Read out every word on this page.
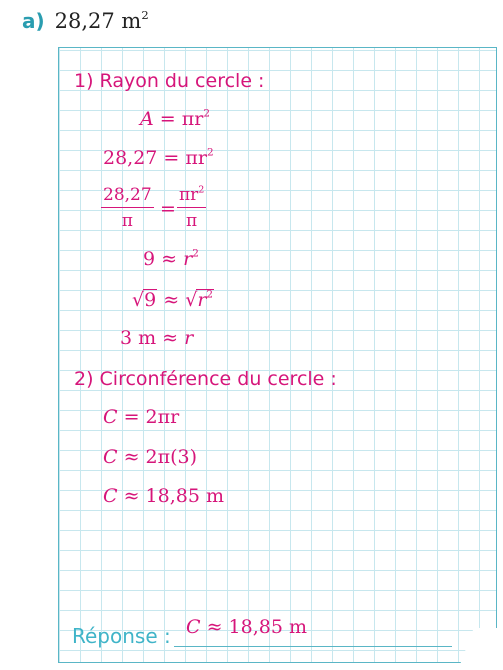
a) 28,27 $m^2$
1) Rayon du cercle :
$A = \pi r^2$
$28,27 = \pi r^2$
$\frac{28,27}{\pi} = \frac{\pi r^2}{\pi}$
$9 \approx r^2$
$√9 \approx √r^2$
3 m ≈ r
2) Circonférence du cercle :
C = 2πr
C ≈ 2π(3)
C ≈ 18,85 m
Réponse : C ≈ 18,85 m
